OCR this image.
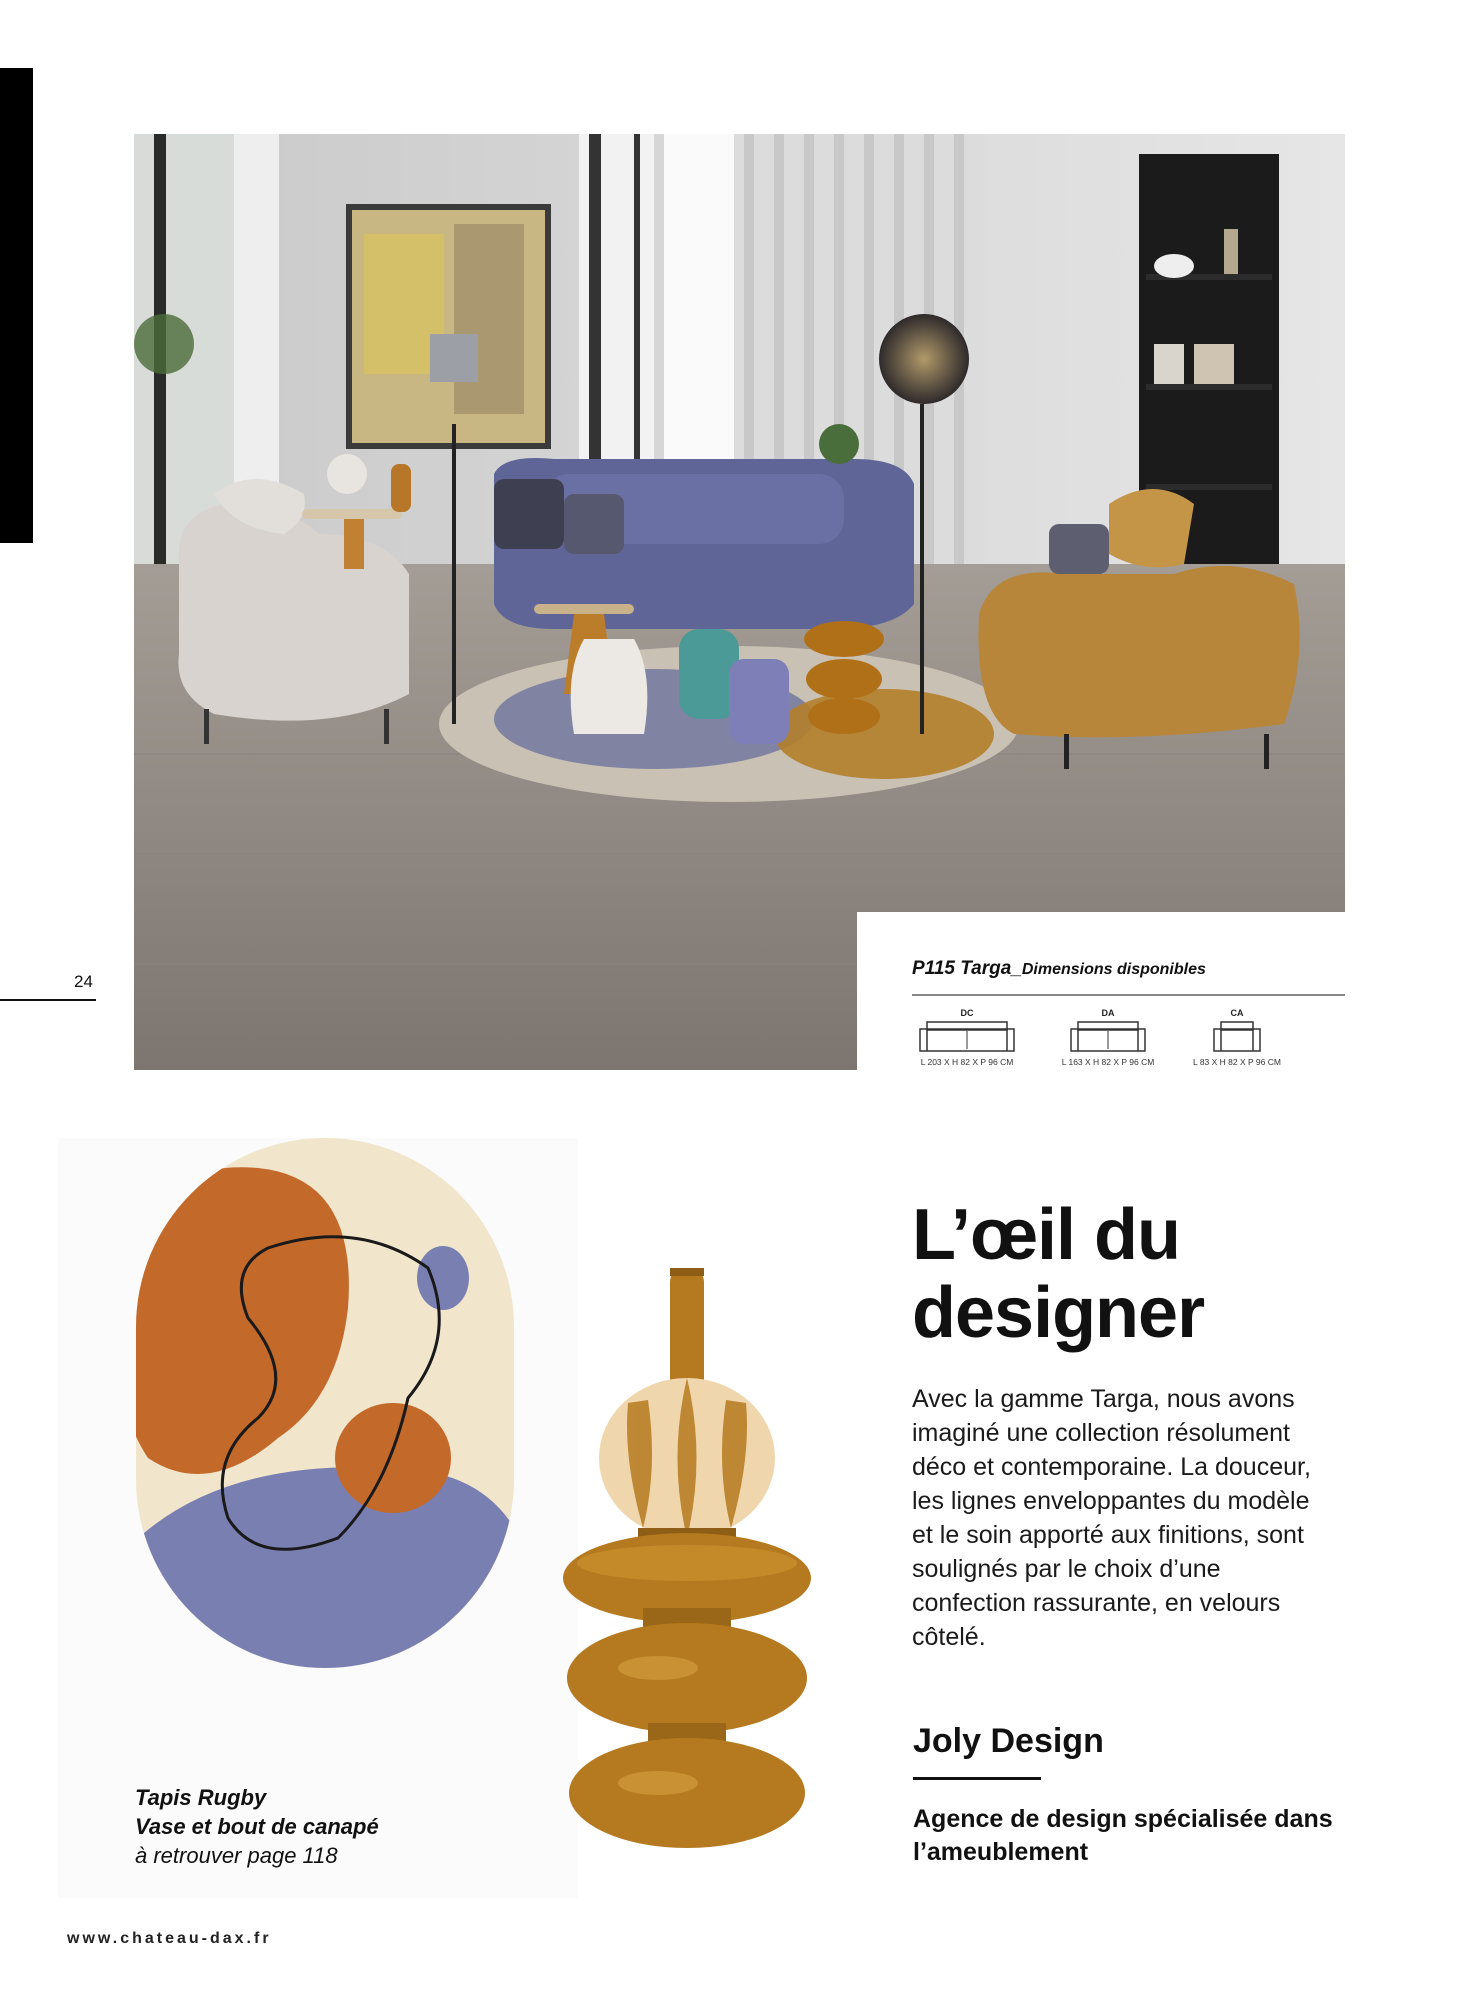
24
P115 Targa_Dimensions disponibles
DC
L 203 X H 82 X P 96 CM
DA
L 163 X H 82 X P 96 CM
CA
L 83 X H 82 X P 96 CM
Tapis Rugby
Vase et bout de canapé
à retrouver page 118
L’œil du
designer
Avec la gamme Targa, nous avons imaginé une collection résolument déco et contemporaine. La douceur, les lignes enveloppantes du modèle et le soin apporté aux finitions, sont soulignés par le choix d’une confection rassurante, en velours côtelé.
Joly Design
Agence de design spécialisée dans l’ameublement
www.chateau-dax.fr
